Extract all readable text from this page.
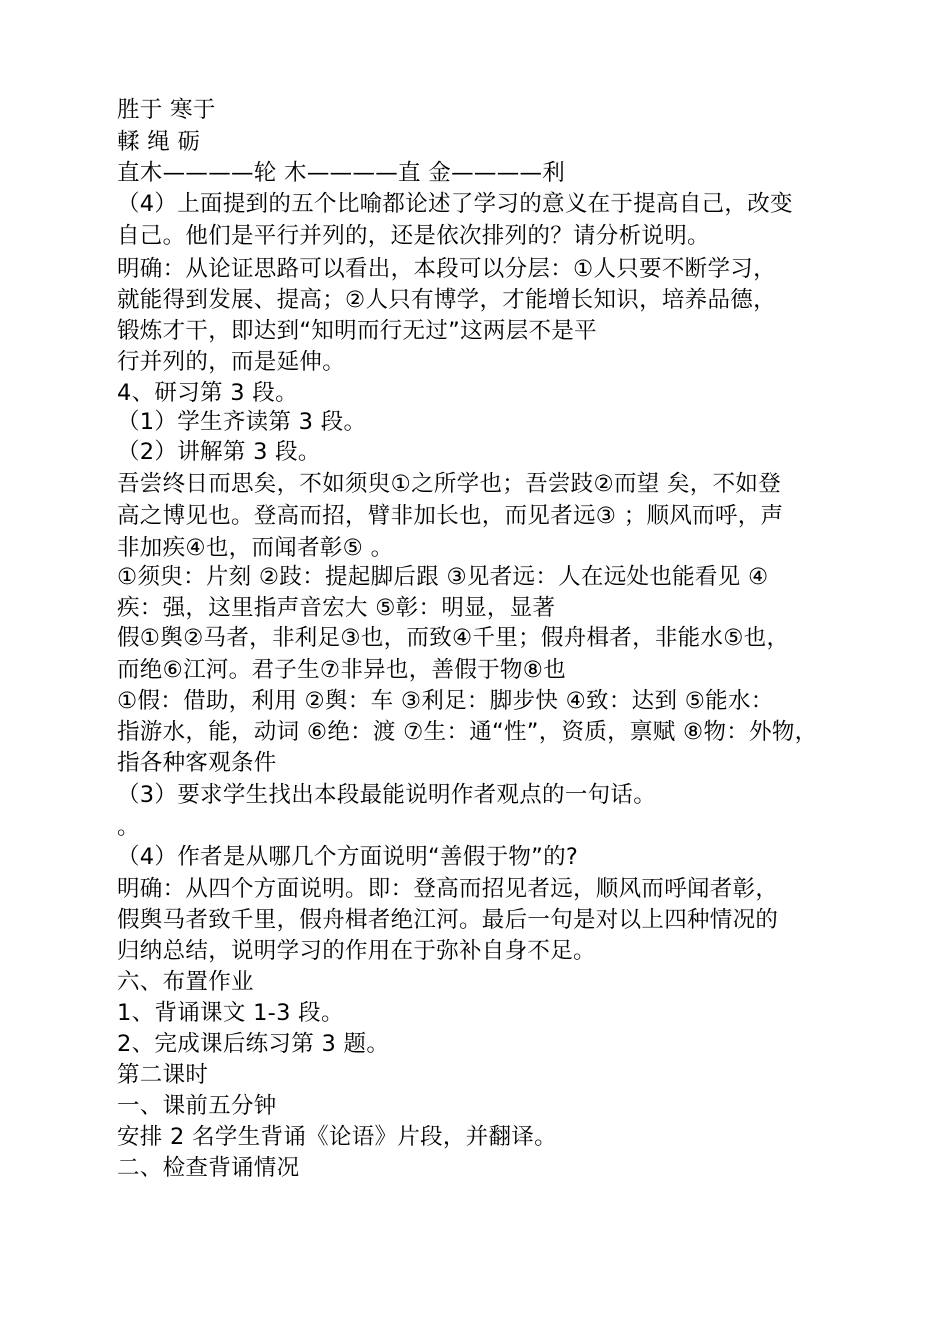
胜于 寒于
輮 绳 砺
直木————轮 木————直 金————利
（4）上面提到的五个比喻都论述了学习的意义在于提高自己，改变
自己。他们是平行并列的，还是依次排列的？请分析说明。
明确：从论证思路可以看出，本段可以分层：①人只要不断学习，
就能得到发展、提高；②人只有博学，才能增长知识，培养品德，
锻炼才干，即达到“知明而行无过”这两层不是平
行并列的，而是延伸。
4、研习第 3 段。
（1）学生齐读第 3 段。
（2）讲解第 3 段。
吾尝终日而思矣，不如须臾①之所学也；吾尝跂②而望 矣，不如登
高之博见也。登高而招，臂非加长也，而见者远③ ；顺风而呼，声
非加疾④也，而闻者彰⑤ 。
①须臾：片刻 ②跂：提起脚后跟 ③见者远：人在远处也能看见 ④
疾：强，这里指声音宏大 ⑤彰：明显，显著
假①舆②马者，非利足③也，而致④千里；假舟楫者，非能水⑤也，
而绝⑥江河。君子生⑦非异也，善假于物⑧也
①假：借助，利用 ②舆：车 ③利足：脚步快 ④致：达到 ⑤能水：
指游水，能，动词 ⑥绝：渡 ⑦生：通“性”，资质，禀赋 ⑧物：外物，
指各种客观条件
（3）要求学生找出本段最能说明作者观点的一句话。
。
（4）作者是从哪几个方面说明“善假于物”的?
明确：从四个方面说明。即：登高而招见者远，顺风而呼闻者彰，
假舆马者致千里，假舟楫者绝江河。最后一句是对以上四种情况的
归纳总结，说明学习的作用在于弥补自身不足。
六、布置作业
1、背诵课文 1-3 段。
2、完成课后练习第 3 题。
第二课时
一、课前五分钟
安排 2 名学生背诵《论语》片段，并翻译。
二、检查背诵情况
